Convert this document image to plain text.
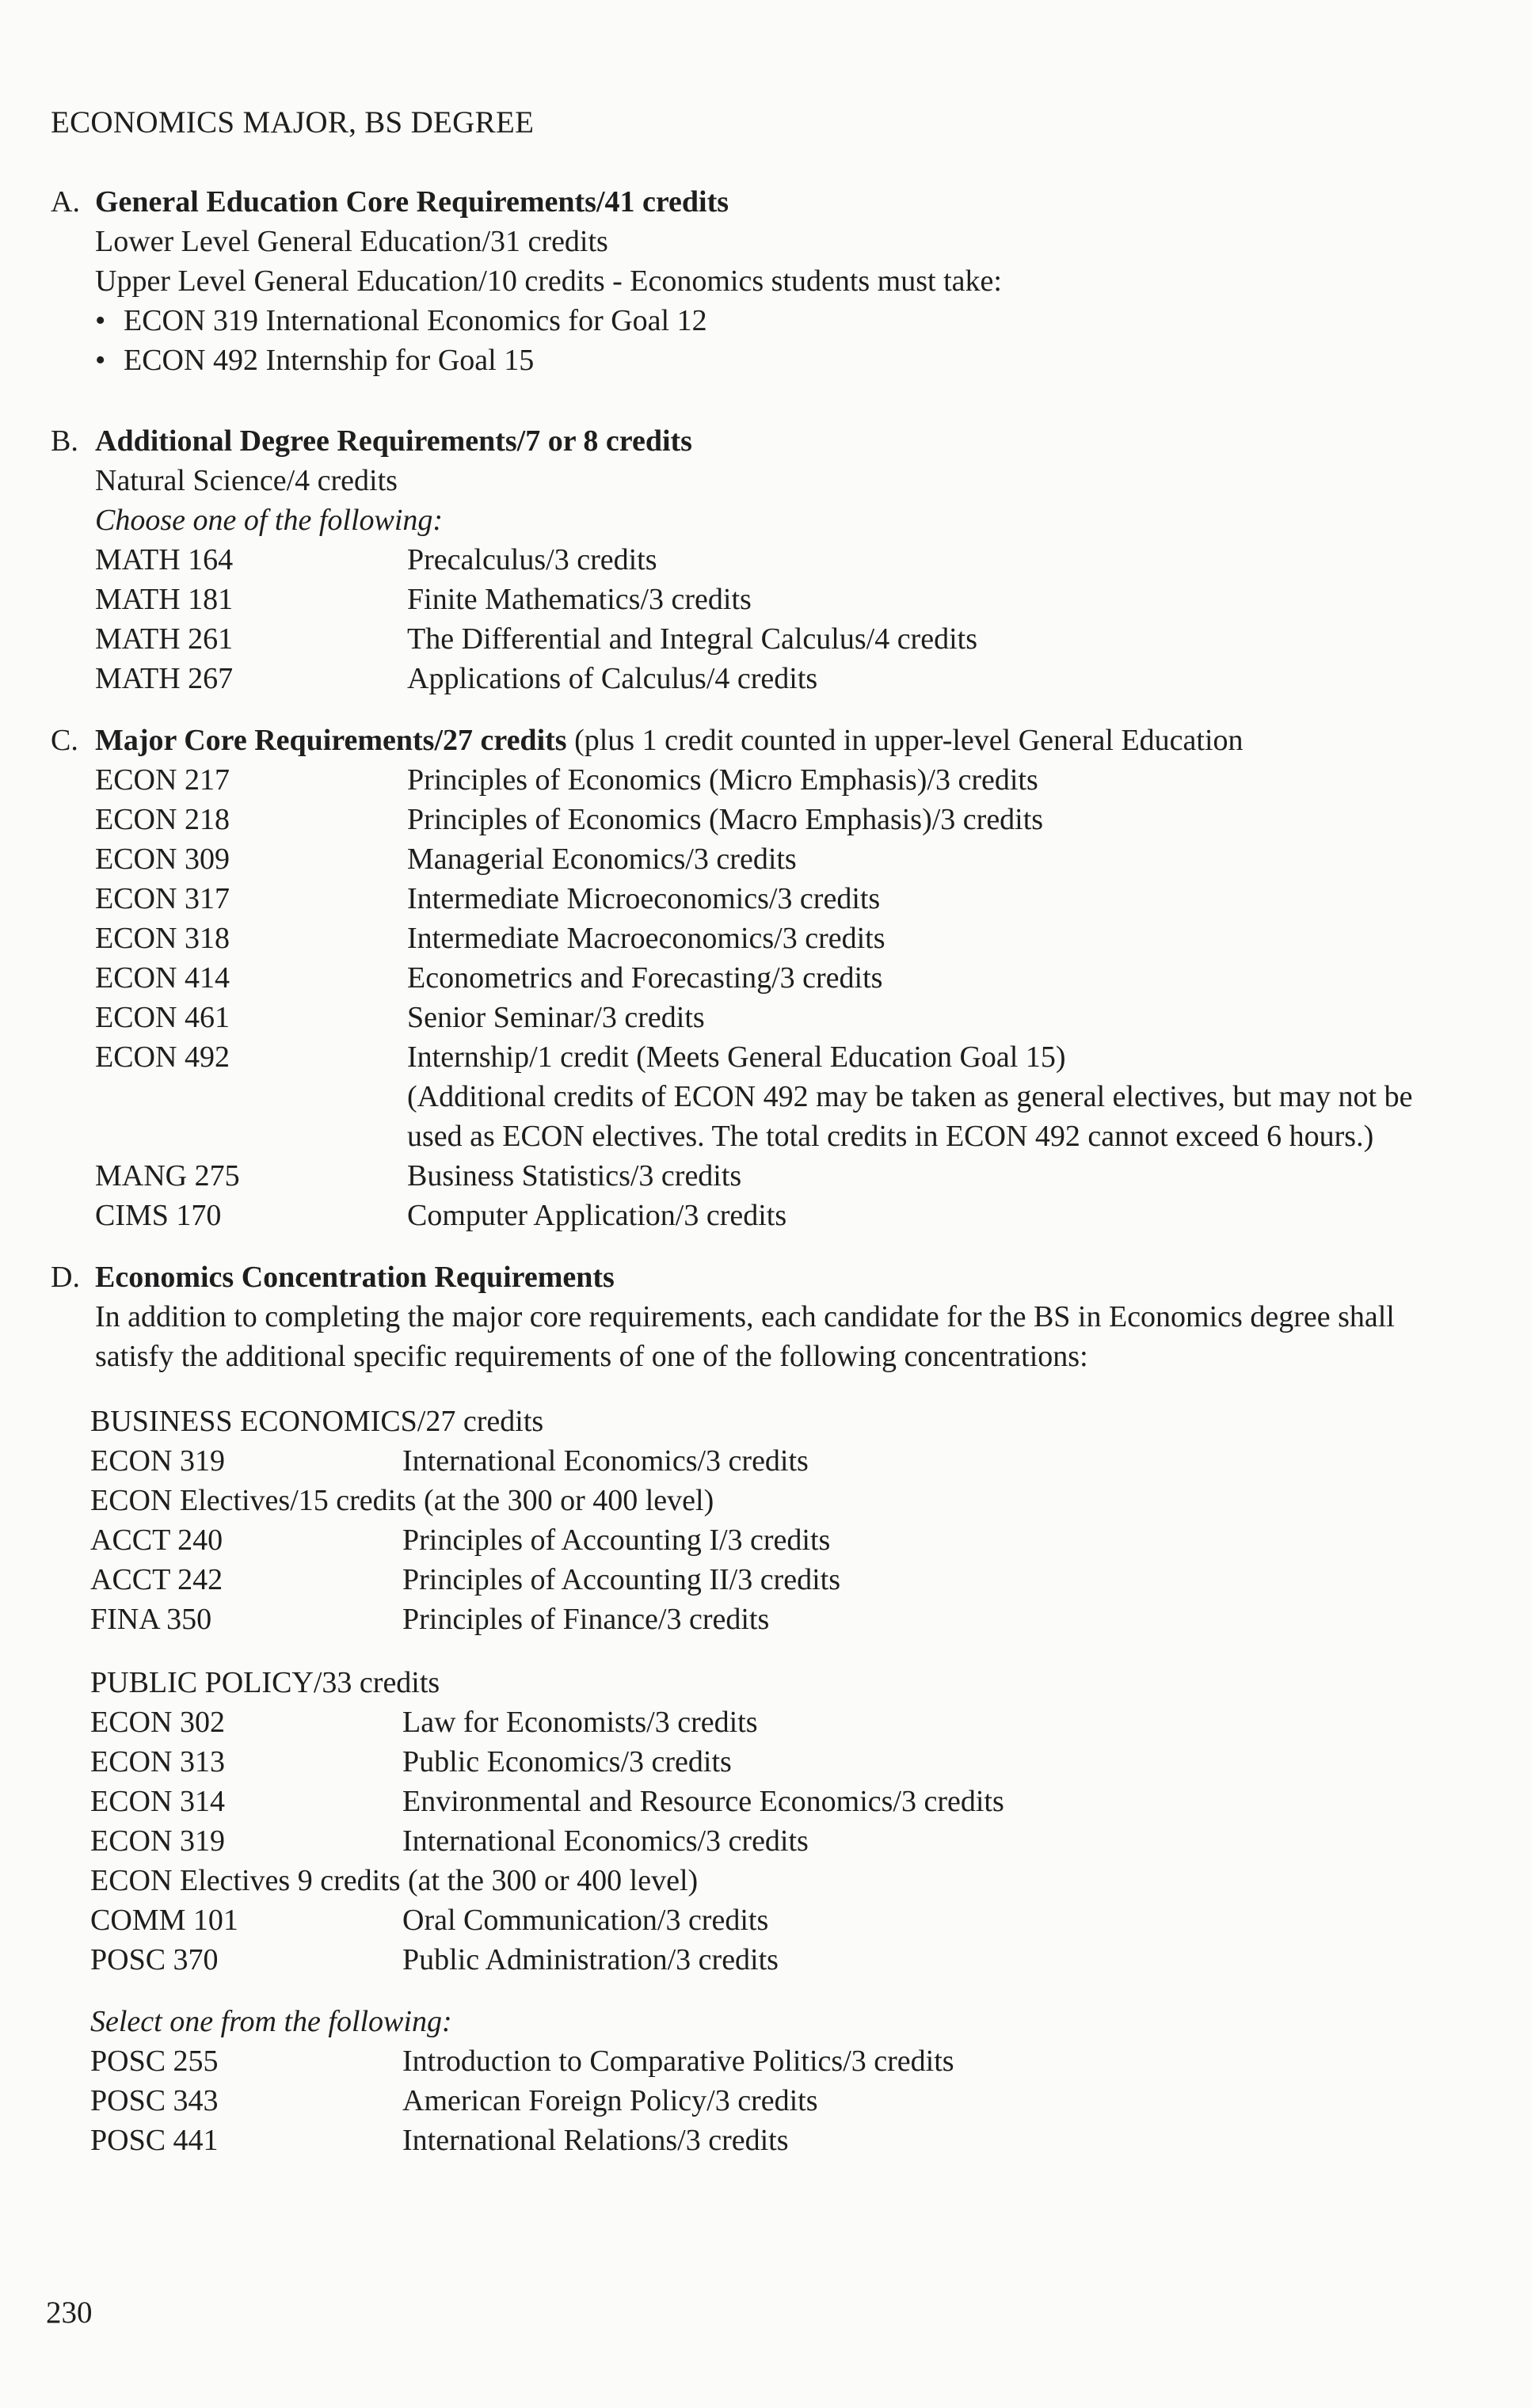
ECONOMICS MAJOR, BS DEGREE
A. General Education Core Requirements/41 credits
Lower Level General Education/31 credits
Upper Level General Education/10 credits - Economics students must take:
• ECON 319 International Economics for Goal 12
• ECON 492 Internship for Goal 15
B. Additional Degree Requirements/7 or 8 credits
Natural Science/4 credits
Choose one of the following:
MATH 164	Precalculus/3 credits
MATH 181	Finite Mathematics/3 credits
MATH 261	The Differential and Integral Calculus/4 credits
MATH 267	Applications of Calculus/4 credits
C. Major Core Requirements/27 credits (plus 1 credit counted in upper-level General Education
ECON 217	Principles of Economics (Micro Emphasis)/3 credits
ECON 218	Principles of Economics (Macro Emphasis)/3 credits
ECON 309	Managerial Economics/3 credits
ECON 317	Intermediate Microeconomics/3 credits
ECON 318	Intermediate Macroeconomics/3 credits
ECON 414	Econometrics and Forecasting/3 credits
ECON 461	Senior Seminar/3 credits
ECON 492	Internship/1 credit (Meets General Education Goal 15)
(Additional credits of ECON 492 may be taken as general electives, but may not be
used as ECON electives. The total credits in ECON 492 cannot exceed 6 hours.)
MANG 275	Business Statistics/3 credits
CIMS 170	Computer Application/3 credits
D. Economics Concentration Requirements
In addition to completing the major core requirements, each candidate for the BS in Economics degree shall
satisfy the additional specific requirements of one of the following concentrations:
BUSINESS ECONOMICS/27 credits
ECON 319	International Economics/3 credits
ECON Electives/15 credits (at the 300 or 400 level)
ACCT 240	Principles of Accounting I/3 credits
ACCT 242	Principles of Accounting II/3 credits
FINA 350	Principles of Finance/3 credits
PUBLIC POLICY/33 credits
ECON 302	Law for Economists/3 credits
ECON 313	Public Economics/3 credits
ECON 314	Environmental and Resource Economics/3 credits
ECON 319	International Economics/3 credits
ECON Electives 9 credits (at the 300 or 400 level)
COMM 101	Oral Communication/3 credits
POSC 370	Public Administration/3 credits
Select one from the following:
POSC 255	Introduction to Comparative Politics/3 credits
POSC 343	American Foreign Policy/3 credits
POSC 441	International Relations/3 credits
230
